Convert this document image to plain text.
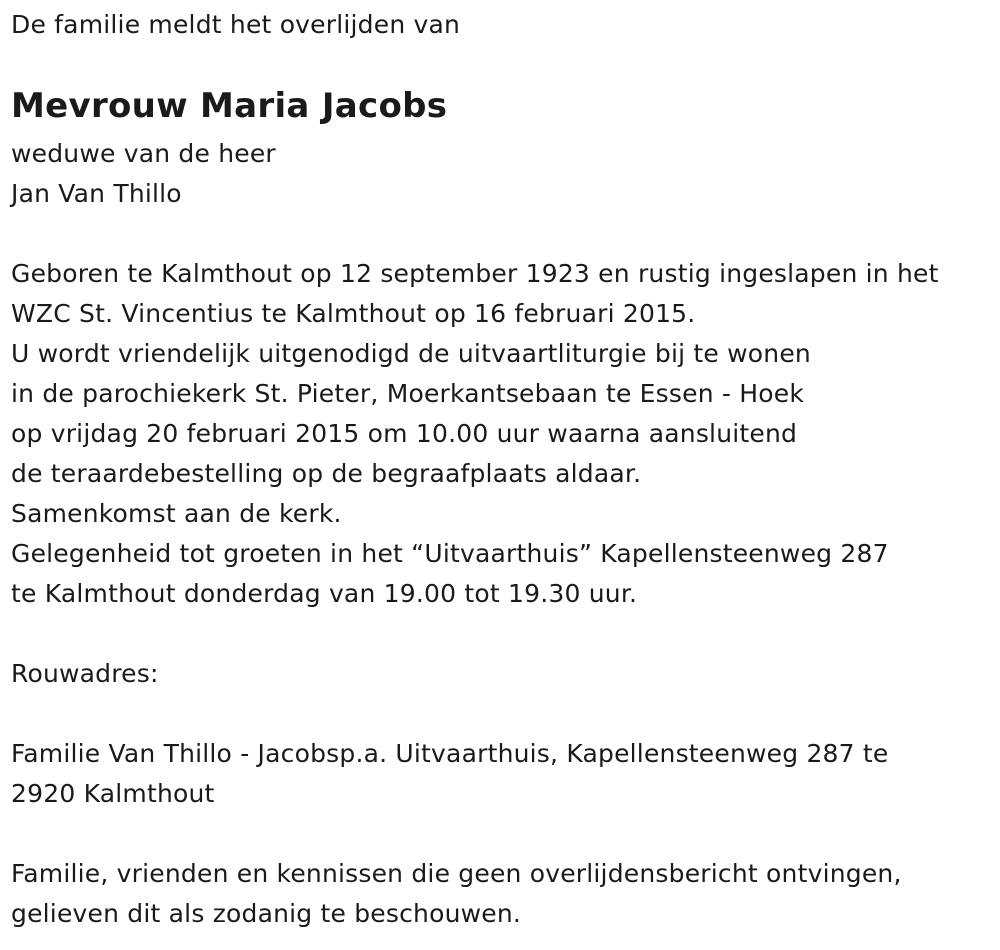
De familie meldt het overlijden van
Mevrouw Maria Jacobs
weduwe van de heer
Jan Van Thillo
Geboren te Kalmthout op 12 september 1923 en rustig ingeslapen in het
WZC St. Vincentius te Kalmthout op 16 februari 2015.
U wordt vriendelijk uitgenodigd de uitvaartliturgie bij te wonen
in de parochiekerk St. Pieter, Moerkantsebaan te Essen - Hoek
op vrijdag 20 februari 2015 om 10.00 uur waarna aansluitend
de teraardebestelling op de begraafplaats aldaar.
Samenkomst aan de kerk.
Gelegenheid tot groeten in het “Uitvaarthuis” Kapellensteenweg 287
te Kalmthout donderdag van 19.00 tot 19.30 uur.
Rouwadres:
Familie Van Thillo - Jacobsp.a. Uitvaarthuis, Kapellensteenweg 287 te
2920 Kalmthout
Familie, vrienden en kennissen die geen overlijdensbericht ontvingen,
gelieven dit als zodanig te beschouwen.
